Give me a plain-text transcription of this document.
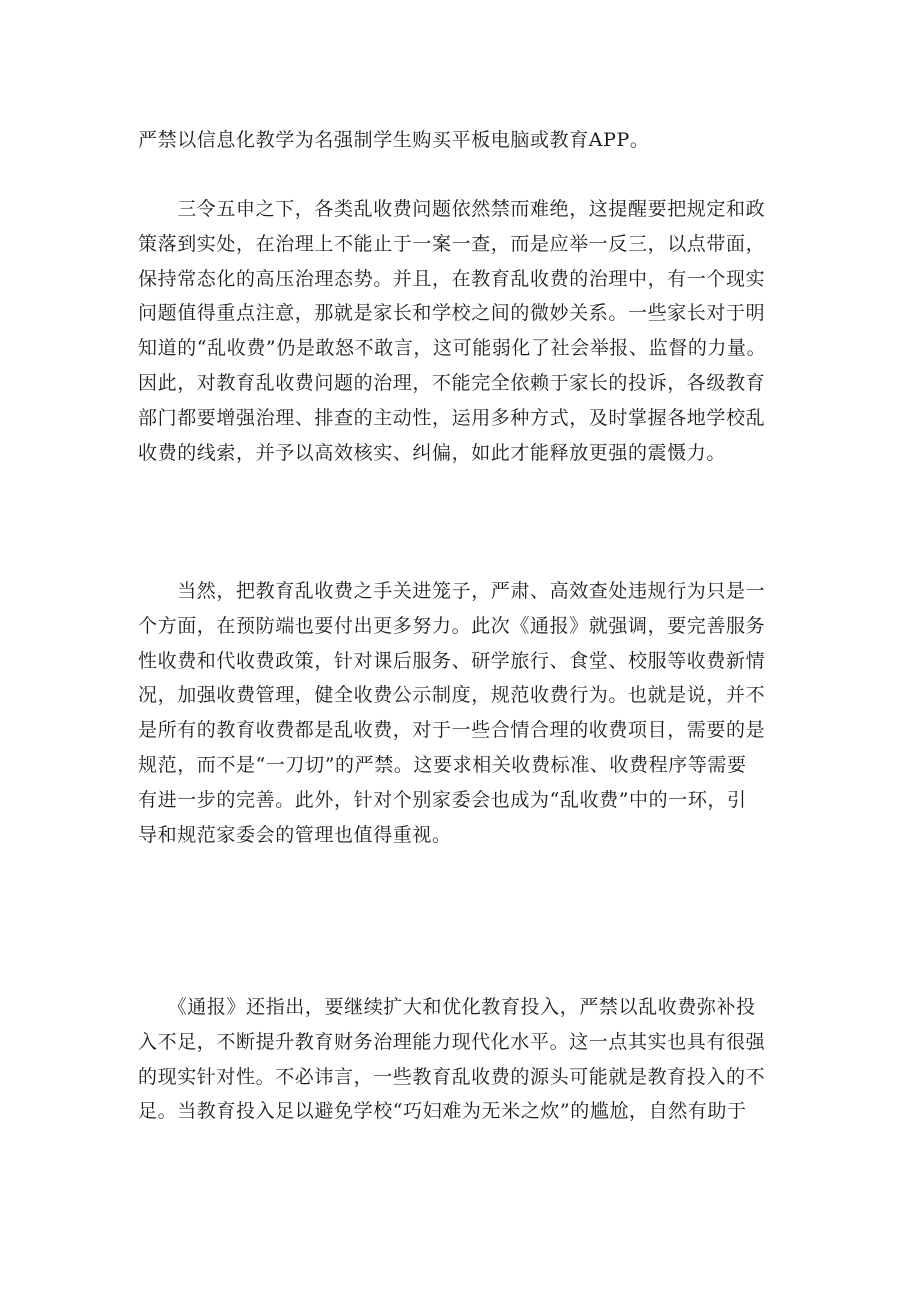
严禁以信息化教学为名强制学生购买平板电脑或教育APP。
　　三令五申之下，各类乱收费问题依然禁而难绝，这提醒要把规定和政
策落到实处，在治理上不能止于一案一查，而是应举一反三，以点带面，
保持常态化的高压治理态势。并且，在教育乱收费的治理中，有一个现实
问题值得重点注意，那就是家长和学校之间的微妙关系。一些家长对于明
知道的“乱收费”仍是敢怒不敢言，这可能弱化了社会举报、监督的力量。
因此，对教育乱收费问题的治理，不能完全依赖于家长的投诉，各级教育
部门都要增强治理、排查的主动性，运用多种方式，及时掌握各地学校乱
收费的线索，并予以高效核实、纠偏，如此才能释放更强的震慑力。
　　当然，把教育乱收费之手关进笼子，严肃、高效查处违规行为只是一
个方面，在预防端也要付出更多努力。此次《通报》就强调，要完善服务
性收费和代收费政策，针对课后服务、研学旅行、食堂、校服等收费新情
况，加强收费管理，健全收费公示制度，规范收费行为。也就是说，并不
是所有的教育收费都是乱收费，对于一些合情合理的收费项目，需要的是
规范，而不是“一刀切”的严禁。这要求相关收费标准、收费程序等需要
有进一步的完善。此外，针对个别家委会也成为“乱收费”中的一环，引
导和规范家委会的管理也值得重视。
　　《通报》还指出，要继续扩大和优化教育投入，严禁以乱收费弥补投
入不足，不断提升教育财务治理能力现代化水平。这一点其实也具有很强
的现实针对性。不必讳言，一些教育乱收费的源头可能就是教育投入的不
足。当教育投入足以避免学校“巧妇难为无米之炊”的尴尬，自然有助于
